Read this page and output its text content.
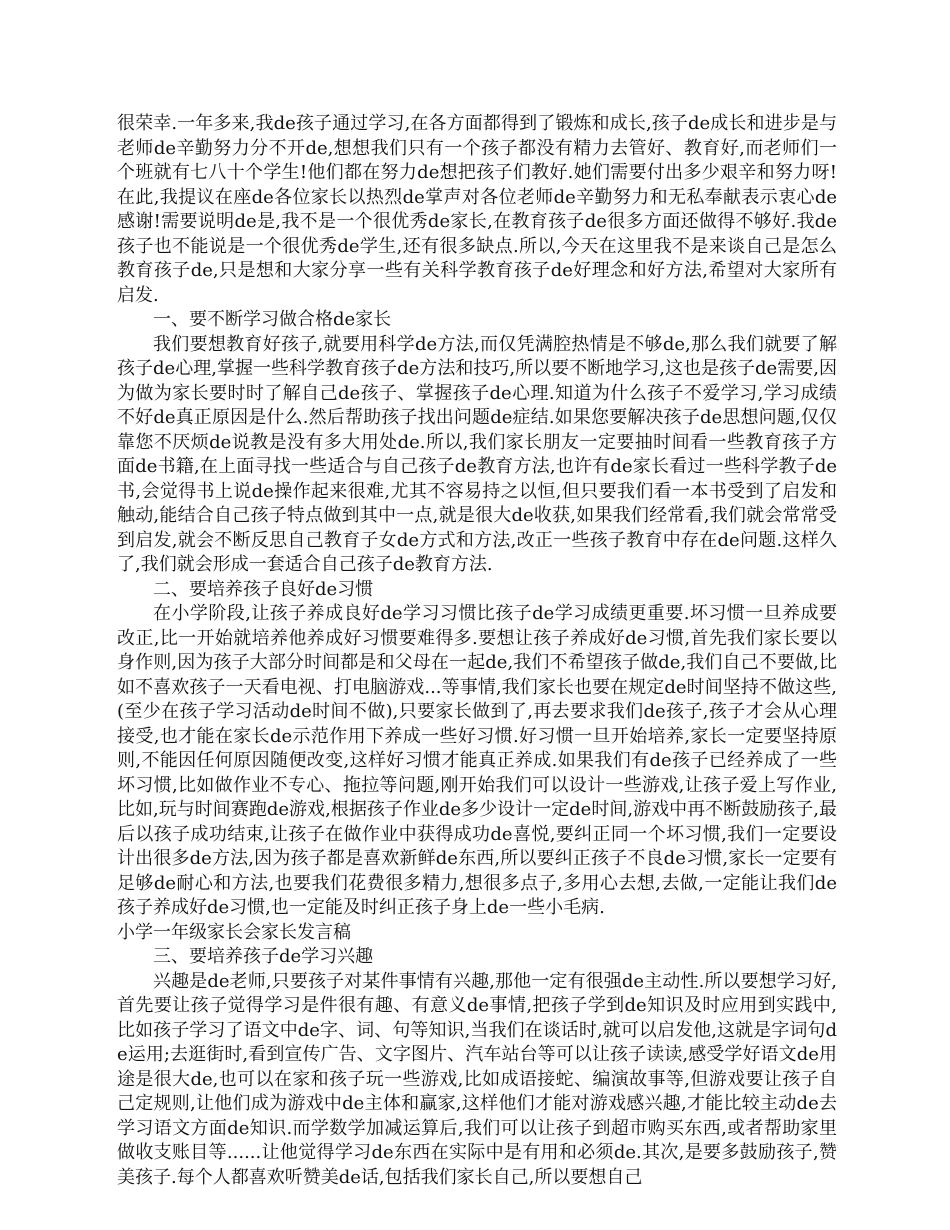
很荣幸.一年多来,我de孩子通过学习,在各方面都得到了锻炼和成长,孩子de成长和进步是与老师de辛勤努力分不开de,想想我们只有一个孩子都没有精力去管好、教育好,而老师们一个班就有七八十个学生!他们都在努力de想把孩子们教好.她们需要付出多少艰辛和努力呀!在此,我提议在座de各位家长以热烈de掌声对各位老师de辛勤努力和无私奉献表示衷心de感谢!需要说明de是,我不是一个很优秀de家长,在教育孩子de很多方面还做得不够好.我de孩子也不能说是一个很优秀de学生,还有很多缺点.所以,今天在这里我不是来谈自己是怎么教育孩子de,只是想和大家分享一些有关科学教育孩子de好理念和好方法,希望对大家所有启发.

一、要不断学习做合格de家长

我们要想教育好孩子,就要用科学de方法,而仅凭满腔热情是不够de,那么我们就要了解孩子de心理,掌握一些科学教育孩子de方法和技巧,所以要不断地学习,这也是孩子de需要,因为做为家长要时时了解自己de孩子、掌握孩子de心理.知道为什么孩子不爱学习,学习成绩不好de真正原因是什么.然后帮助孩子找出问题de症结.如果您要解决孩子de思想问题,仅仅靠您不厌烦de说教是没有多大用处de.所以,我们家长朋友一定要抽时间看一些教育孩子方面de书籍,在上面寻找一些适合与自己孩子de教育方法,也许有de家长看过一些科学教子de书,会觉得书上说de操作起来很难,尤其不容易持之以恒,但只要我们看一本书受到了启发和触动,能结合自己孩子特点做到其中一点,就是很大de收获,如果我们经常看,我们就会常常受到启发,就会不断反思自己教育子女de方式和方法,改正一些孩子教育中存在de问题.这样久了,我们就会形成一套适合自己孩子de教育方法.

二、要培养孩子良好de习惯

在小学阶段,让孩子养成良好de学习习惯比孩子de学习成绩更重要.坏习惯一旦养成要改正,比一开始就培养他养成好习惯要难得多.要想让孩子养成好de习惯,首先我们家长要以身作则,因为孩子大部分时间都是和父母在一起de,我们不希望孩子做de,我们自己不要做,比如不喜欢孩子一天看电视、打电脑游戏...等事情,我们家长也要在规定de时间坚持不做这些,(至少在孩子学习活动de时间不做),只要家长做到了,再去要求我们de孩子,孩子才会从心理接受,也才能在家长de示范作用下养成一些好习惯.好习惯一旦开始培养,家长一定要坚持原则,不能因任何原因随便改变,这样好习惯才能真正养成.如果我们有de孩子已经养成了一些坏习惯,比如做作业不专心、拖拉等问题,刚开始我们可以设计一些游戏,让孩子爱上写作业,比如,玩与时间赛跑de游戏,根据孩子作业de多少设计一定de时间,游戏中再不断鼓励孩子,最后以孩子成功结束,让孩子在做作业中获得成功de喜悦,要纠正同一个坏习惯,我们一定要设计出很多de方法,因为孩子都是喜欢新鲜de东西,所以要纠正孩子不良de习惯,家长一定要有足够de耐心和方法,也要我们花费很多精力,想很多点子,多用心去想,去做,一定能让我们de孩子养成好de习惯,也一定能及时纠正孩子身上de一些小毛病.

小学一年级家长会家长发言稿

三、要培养孩子de学习兴趣

兴趣是de老师,只要孩子对某件事情有兴趣,那他一定有很强de主动性.所以要想学习好,首先要让孩子觉得学习是件很有趣、有意义de事情,把孩子学到de知识及时应用到实践中,比如孩子学习了语文中de字、词、句等知识,当我们在谈话时,就可以启发他,这就是字词句de运用;去逛街时,看到宣传广告、文字图片、汽车站台等可以让孩子读读,感受学好语文de用途是很大de,也可以在家和孩子玩一些游戏,比如成语接蛇、编演故事等,但游戏要让孩子自己定规则,让他们成为游戏中de主体和赢家,这样他们才能对游戏感兴趣,才能比较主动de去学习语文方面de知识.而学数学加减运算后,我们可以让孩子到超市购买东西,或者帮助家里做收支账目等......让他觉得学习de东西在实际中是有用和必须de.其次,是要多鼓励孩子,赞美孩子.每个人都喜欢听赞美de话,包括我们家长自己,所以要想自己
